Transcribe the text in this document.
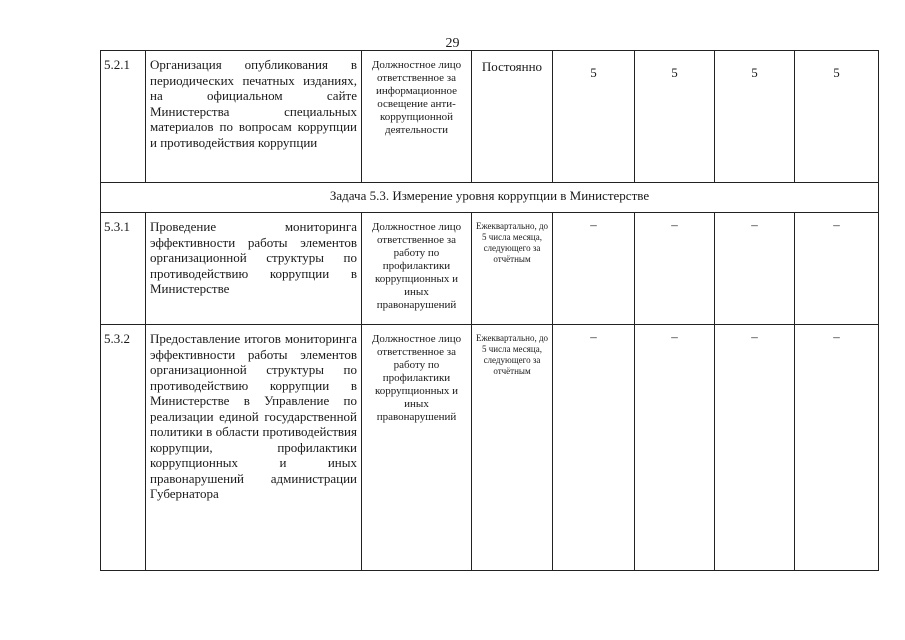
29
5.2.1	Организация опубликования в периодических печатных изданиях, на официальном сайте Министерства специальных материалов по вопросам коррупции и противодействия коррупции	Должностное лицо ответственное за информационное освещение анти-коррупционной деятельности	Постоянно	5	5	5	5
Задача 5.3. Измерение уровня коррупции в Министерстве							
5.3.1	Проведение мониторинга эффективности работы элементов организационной структуры по противодействию коррупции в Министерстве	Должностное лицо ответственное за работу по профилактики коррупционных и иных правонарушений	Ежеквартально, до 5 числа месяца, следующего за отчётным	–	–	–	–
5.3.2	Предоставление итогов мониторинга эффективности работы элементов организационной структуры по противодействию коррупции в Министерстве в Управление по реализации единой государственной политики в области противодействия коррупции, профилактики коррупционных и иных правонарушений администрации Губернатора	Должностное лицо ответственное за работу по профилактики коррупционных и иных правонарушений	Ежеквартально, до 5 числа месяца, следующего за отчётным	–	–	–	–
